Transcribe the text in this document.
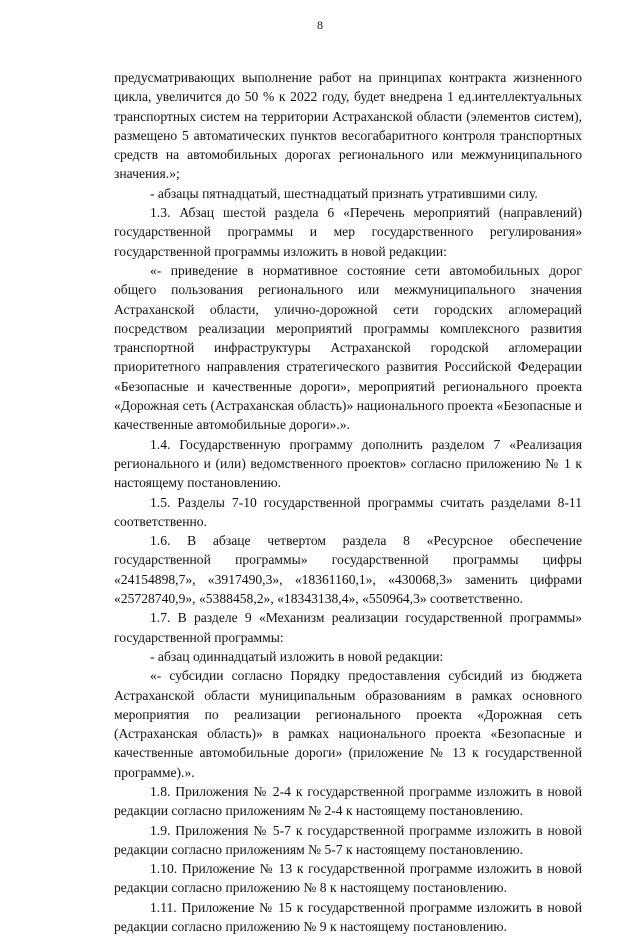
8

предусматривающих выполнение работ на принципах контракта жизненного цикла, увеличится до 50 % к 2022 году, будет внедрена 1 ед.интеллектуальных транспортных систем на территории Астраханской области (элементов систем), размещено 5 автоматических пунктов весогабаритного контроля транспортных средств на автомобильных дорогах регионального или межмуниципального значения.»;

- абзацы пятнадцатый, шестнадцатый признать утратившими силу.

1.3. Абзац шестой раздела 6 «Перечень мероприятий (направлений) государственной программы и мер государственного регулирования» государственной программы изложить в новой редакции:

«- приведение в нормативное состояние сети автомобильных дорог общего пользования регионального или межмуниципального значения Астраханской области, улично-дорожной сети городских агломераций посредством реализации мероприятий программы комплексного развития транспортной инфраструктуры Астраханской городской агломерации приоритетного направления стратегического развития Российской Федерации «Безопасные и качественные дороги», мероприятий регионального проекта «Дорожная сеть (Астраханская область)» национального проекта «Безопасные и качественные автомобильные дороги».».

1.4. Государственную программу дополнить разделом 7 «Реализация регионального и (или) ведомственного проектов» согласно приложению № 1 к настоящему постановлению.

1.5. Разделы 7-10 государственной программы считать разделами 8-11 соответственно.

1.6. В абзаце четвертом раздела 8 «Ресурсное обеспечение государственной программы» государственной программы цифры «24154898,7», «3917490,3», «18361160,1», «430068,3» заменить цифрами «25728740,9», «5388458,2», «18343138,4», «550964,3» соответственно.

1.7. В разделе 9 «Механизм реализации государственной программы» государственной программы:

- абзац одиннадцатый изложить в новой редакции:

«- субсидии согласно Порядку предоставления субсидий из бюджета Астраханской области муниципальным образованиям в рамках основного мероприятия по реализации регионального проекта «Дорожная сеть (Астраханская область)» в рамках национального проекта «Безопасные и качественные автомобильные дороги» (приложение № 13 к государственной программе).».

1.8. Приложения № 2-4 к государственной программе изложить в новой редакции согласно приложениям № 2-4 к настоящему постановлению.

1.9. Приложения № 5-7 к государственной программе изложить в новой редакции согласно приложениям № 5-7 к настоящему постановлению.

1.10. Приложение № 13 к государственной программе изложить в новой редакции согласно приложению № 8 к настоящему постановлению.

1.11. Приложение № 15 к государственной программе изложить в новой редакции согласно приложению № 9 к настоящему постановлению.
